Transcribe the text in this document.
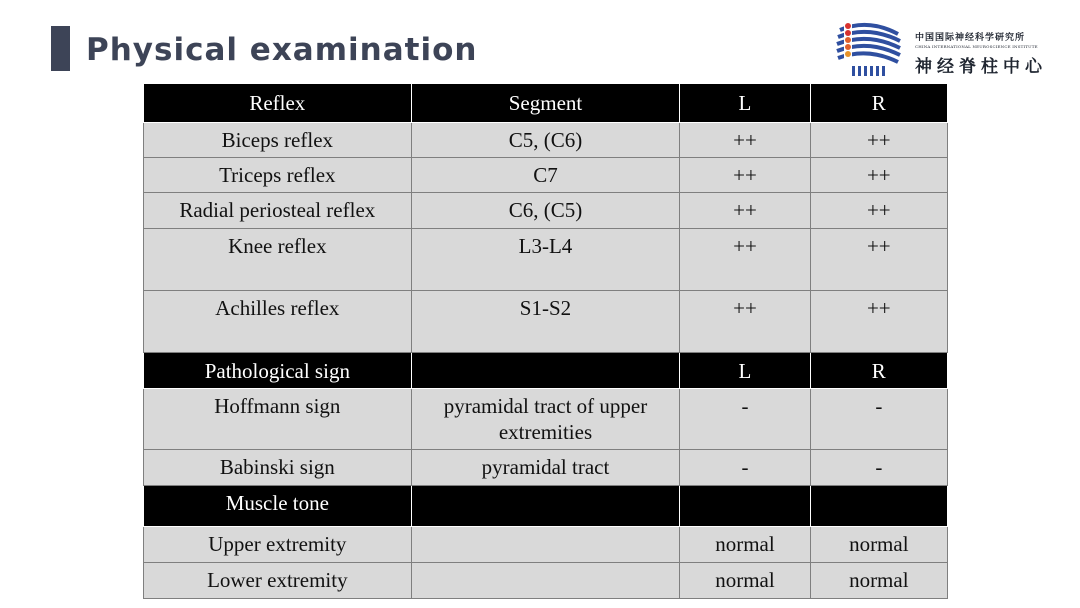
Physical examination	中国国际神经科学研究所
CHINA INTERNATIONAL NEUROSCIENCE INSTITUTE
神经脊柱中心
Reflex	Segment	L	R
Biceps reflex	C5, (C6)	++	++
Triceps reflex	C7	++	++
Radial periosteal reflex	C6, (C5)	++	++
Knee reflex	L3-L4	++	++
Achilles reflex	S1-S2	++	++
Pathological sign		L	R
Hoffmann sign	pyramidal tract of upper extremities	-	-
Babinski sign	pyramidal tract	-	-
Muscle tone			
Upper extremity		normal	normal
Lower extremity		normal	normal
